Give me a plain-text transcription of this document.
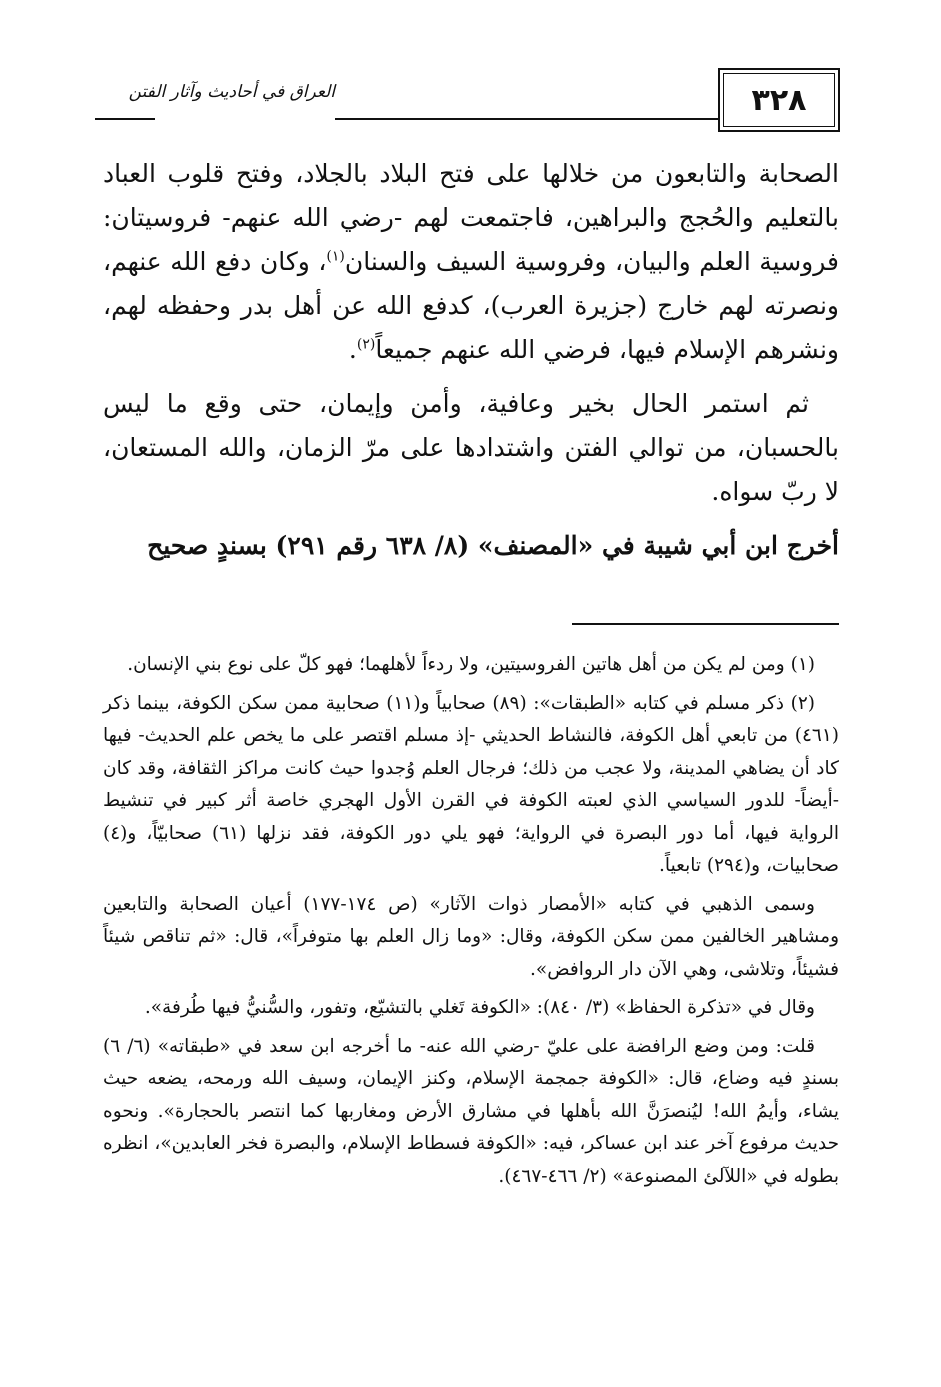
٣٢٨
العراق في أحاديث وآثار الفتن

الصحابة والتابعون من خلالها على فتح البلاد بالجلاد، وفتح قلوب العباد بالتعليم والحُجج والبراهين، فاجتمعت لهم -رضي الله عنهم- فروسيتان: فروسية العلم والبيان، وفروسية السيف والسنان$^{(١)}$، وكان دفع الله عنهم، ونصرته لهم خارج (جزيرة العرب)، كدفع الله عن أهل بدر وحفظه لهم، ونشرهم الإسلام فيها، فرضي الله عنهم جميعاً$^{(٢)}$.

ثم استمر الحال بخير وعافية، وأمن وإيمان، حتى وقع ما ليس بالحسبان، من توالي الفتن واشتدادها على مرّ الزمان، والله المستعان، لا ربّ سواه.

أخرج ابن أبي شيبة في «المصنف» (٨/ ٦٣٨ رقم ٢٩١) بسندٍ صحيح

(١) ومن لم يكن من أهل هاتين الفروسيتين، ولا ردءاً لأهلهما؛ فهو كلّ على نوع بني الإنسان.

(٢) ذكر مسلم في كتابه «الطبقات»: (٨٩) صحابياً و(١١) صحابية ممن سكن الكوفة، بينما ذكر (٤٦١) من تابعي أهل الكوفة، فالنشاط الحديثي -إذ مسلم اقتصر على ما يخص علم الحديث- فيها كاد أن يضاهي المدينة، ولا عجب من ذلك؛ فرجال العلم وُجدوا حيث كانت مراكز الثقافة، وقد كان -أيضاً- للدور السياسي الذي لعبته الكوفة في القرن الأول الهجري خاصة أثر كبير في تنشيط الرواية فيها، أما دور البصرة في الرواية؛ فهو يلي دور الكوفة، فقد نزلها (٦١) صحابيّاً، و(٤) صحابيات، و(٢٩٤) تابعياً.

وسمى الذهبي في كتابه «الأمصار ذوات الآثار» (ص ١٧٤-١٧٧) أعيان الصحابة والتابعين ومشاهير الخالفين ممن سكن الكوفة، وقال: «وما زال العلم بها متوفراً»، قال: «ثم تناقص شيئاً فشيئاً، وتلاشى، وهي الآن دار الروافض».

وقال في «تذكرة الحفاظ» (٣/ ٨٤٠): «الكوفة تَغلي بالتشيّع، وتفور، والسُّنيُّ فيها طُرفة».

قلت: ومن وضع الرافضة على عليّ -رضي الله عنه- ما أخرجه ابن سعد في «طبقاته» (٦/ ٦) بسندٍ فيه وضاع، قال: «الكوفة جمجمة الإسلام، وكنز الإيمان، وسيف الله ورمحه، يضعه حيث يشاء، وأيمُ الله! ليُنصرَنَّ الله بأهلها في مشارق الأرض ومغاربها كما انتصر بالحجارة». ونحوه حديث مرفوع آخر عند ابن عساكر، فيه: «الكوفة فسطاط الإسلام، والبصرة فخر العابدين»، انظره بطوله في «اللآلئ المصنوعة» (٢/ ٤٦٦-٤٦٧).
